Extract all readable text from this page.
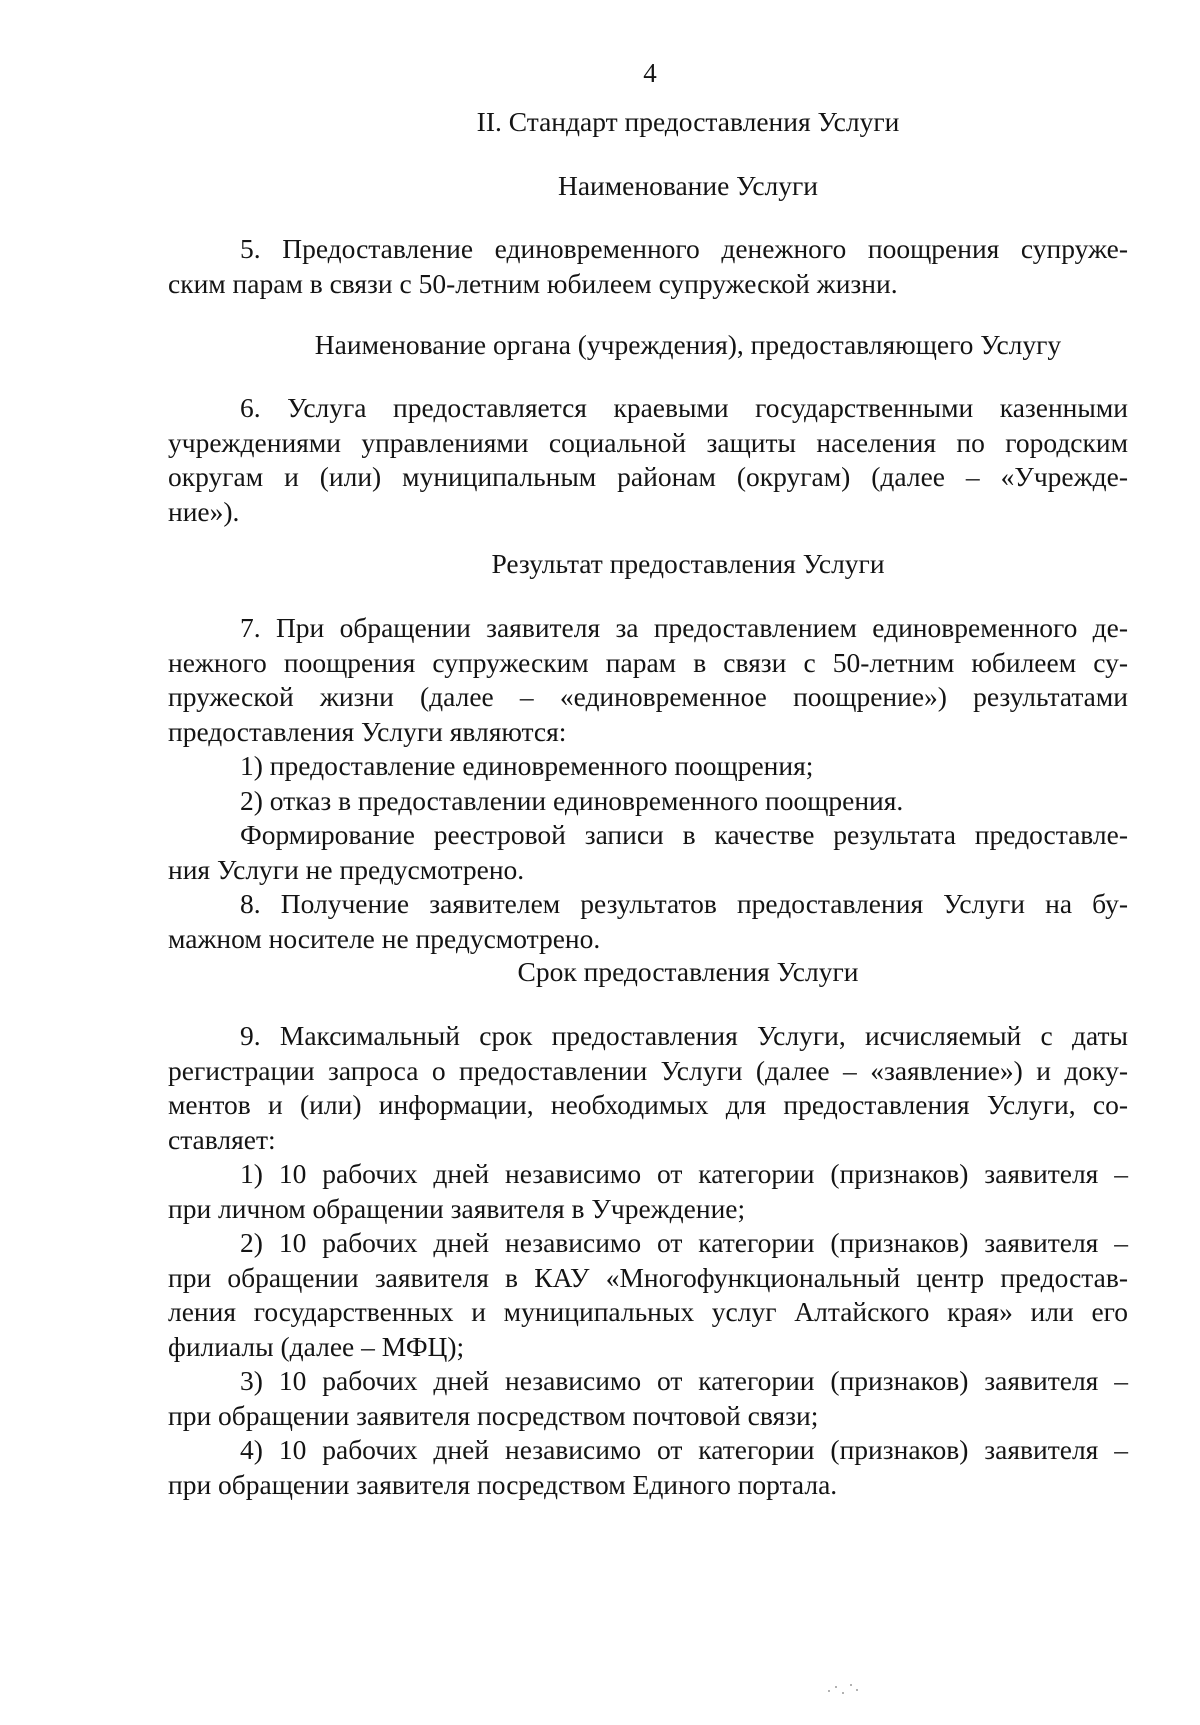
4
II. Стандарт предоставления Услуги
Наименование Услуги
5. Предоставление единовременного денежного поощрения супруже-
ским парам в связи с 50-летним юбилеем супружеской жизни.
Наименование органа (учреждения), предоставляющего Услугу
6. Услуга предоставляется краевыми государственными казенными
учреждениями управлениями социальной защиты населения по городским
округам и (или) муниципальным районам (округам) (далее – «Учрежде-
ние»).
Результат предоставления Услуги
7. При обращении заявителя за предоставлением единовременного де-
нежного поощрения супружеским парам в связи с 50-летним юбилеем су-
пружеской жизни (далее – «единовременное поощрение») результатами
предоставления Услуги являются:
1) предоставление единовременного поощрения;
2) отказ в предоставлении единовременного поощрения.
Формирование реестровой записи в качестве результата предоставле-
ния Услуги не предусмотрено.
8. Получение заявителем результатов предоставления Услуги на бу-
мажном носителе не предусмотрено.
Срок предоставления Услуги
9. Максимальный срок предоставления Услуги, исчисляемый с даты
регистрации запроса о предоставлении Услуги (далее – «заявление») и доку-
ментов и (или) информации, необходимых для предоставления Услуги, со-
ставляет:
1) 10 рабочих дней независимо от категории (признаков) заявителя –
при личном обращении заявителя в Учреждение;
2) 10 рабочих дней независимо от категории (признаков) заявителя –
при обращении заявителя в КАУ «Многофункциональный центр предостав-
ления государственных и муниципальных услуг Алтайского края» или его
филиалы (далее – МФЦ);
3) 10 рабочих дней независимо от категории (признаков) заявителя –
при обращении заявителя посредством почтовой связи;
4) 10 рабочих дней независимо от категории (признаков) заявителя –
при обращении заявителя посредством Единого портала.
